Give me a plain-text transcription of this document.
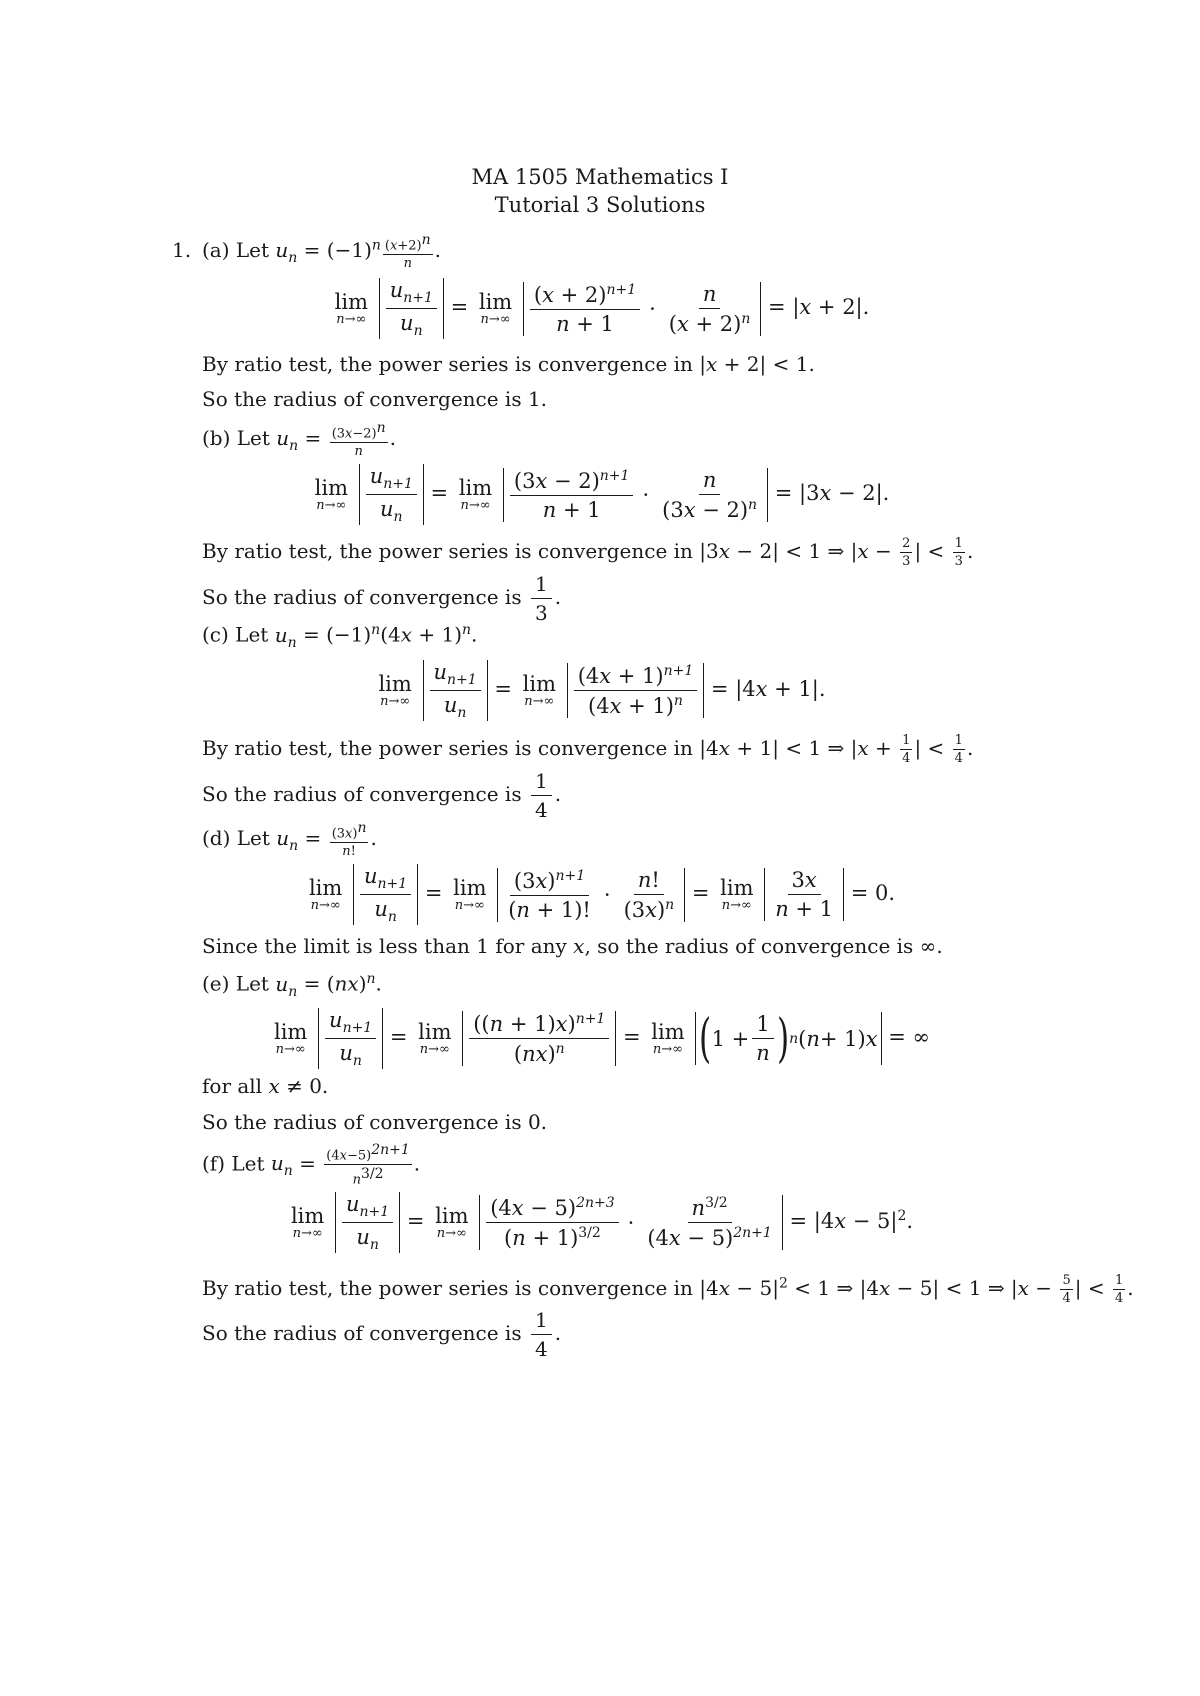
MA 1505 Mathematics I
Tutorial 3 Solutions
1. (a) Let $u_n = (-1)^n \frac{(x+2)^n}{n}$ .
lim
n→∞
$\frac{u_{n+1}}{u_n} = \lim$
n→∞
$\frac{(x + 2)^{n+1}}{n + 1} \cdot \frac{n}{(x + 2)^n} = |x + 2|$.
By ratio test, the power series is convergence in |x + 2| < 1.
So the radius of convergence is 1.
(b) Let $u_n = \frac{(3x-2)^n}{n}$ .
lim
n→∞
$\frac{u_{n+1}}{u_n} = \lim$
n→∞
$\frac{(3x - 2)^{n+1}}{n + 1} \cdot \frac{n}{(3x - 2)^n} = |3x - 2|$.
By ratio test, the power series is convergence in |3x − 2| < 1 ⇒ $|x - \frac{2}{3}$ | < $\frac{1}{3}$ .
So the radius of convergence is $\frac{1}{3}$ .
(c) Let $u_n = (-1)^n(4x + 1)^n$.
lim
n→∞
$\frac{u_{n+1}}{u_n} = \lim$
n→∞
$\frac{(4x + 1)^{n+1}}{(4x + 1)^n} = |4x + 1|$.
By ratio test, the power series is convergence in |4x + 1| < 1 ⇒ $|x + \frac{1}{4}$ | < $\frac{1}{4}$ .
So the radius of convergence is $\frac{1}{4}$ .
(d) Let $u_n = \frac{(3x)^n}{n!}$ .
lim
n→∞
$\frac{u_{n+1}}{u_n} = \lim$
n→∞
$\frac{(3x)^{n+1}}{(n + 1)!} \cdot \frac{n!}{(3x)^n} = \lim$
n→∞
$\frac{3x}{n + 1} = 0$.
Since the limit is less than 1 for any x, so the radius of convergence is ∞.
(e) Let $u_n = (nx)^n$.
lim
n→∞
$\frac{u_{n+1}}{u_n} = \lim$
n→∞
$\frac{((n + 1)x)^{n+1}}{(nx)^n} = \lim$
n→∞
( $1 + \frac{1}{n}$ ) n ( n + 1) x = ∞
for all x ≠ 0.
So the radius of convergence is 0.
(f) Let $u_n = \frac{(4x-5)^{2n+1}}{n^{3/2}}$ .
lim
n→∞
$\frac{u_{n+1}}{u_n} = \lim$
n→∞
$\frac{(4x - 5)^{2n+3}}{(n + 1)^{3/2}} \cdot \frac{n^{3/2}}{(4x - 5)^{2n+1}} = |4x - 5|^2$.
By ratio test, the power series is convergence in $|4x - 5|^2 < 1$ ⇒ |4x − 5| < 1 ⇒ $|x - \frac{5}{4}$ | < $\frac{1}{4}$ .
So the radius of convergence is $\frac{1}{4}$ .
